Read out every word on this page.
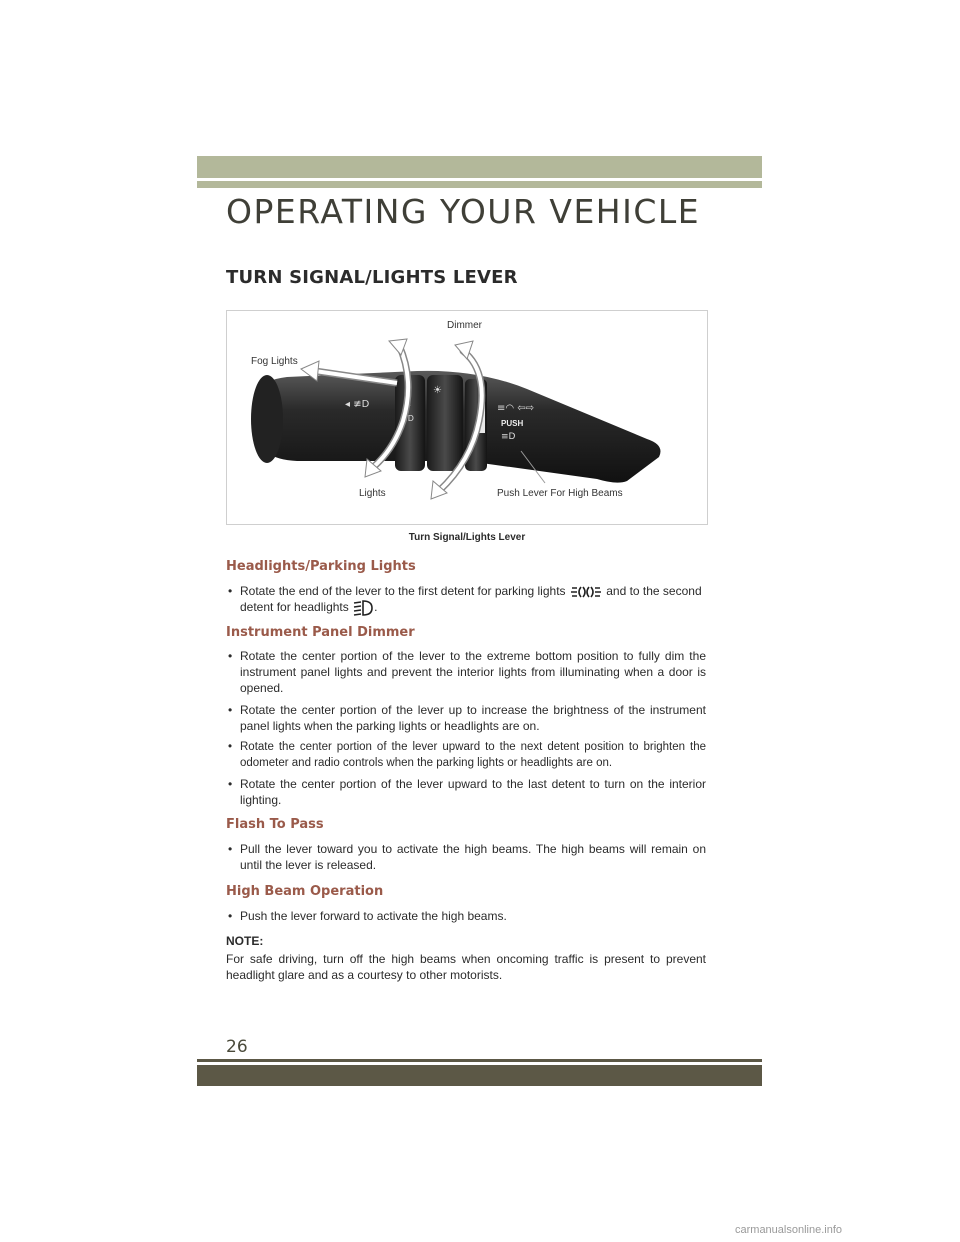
OPERATING YOUR VEHICLE
TURN SIGNAL/LIGHTS LEVER
o
☼
≡D
☀
◂ ≢D	≡◠ ⇦⇨
PUSH
≡D
Dimmer
Fog Lights
Lights	Push Lever For High Beams
Turn Signal/Lights Lever
Headlights/Parking Lights
• Rotate the end of the lever to the first detent for parking lights	and to the second detent for headlights .
Instrument Panel Dimmer
• Rotate the center portion of the lever to the extreme bottom position to fully dim the instrument panel lights and prevent the interior lights from illuminating when a door is opened.
• Rotate the center portion of the lever up to increase the brightness of the instrument panel lights when the parking lights or headlights are on.
• Rotate the center portion of the lever upward to the next detent position to brighten the odometer and radio controls when the parking lights or headlights are on.
• Rotate the center portion of the lever upward to the last detent to turn on the interior lighting.
Flash To Pass
• Pull the lever toward you to activate the high beams. The high beams will remain on until the lever is released.
High Beam Operation
• Push the lever forward to activate the high beams.
NOTE:
For safe driving, turn off the high beams when oncoming traffic is present to prevent headlight glare and as a courtesy to other motorists.
26
carmanualsonline.info
